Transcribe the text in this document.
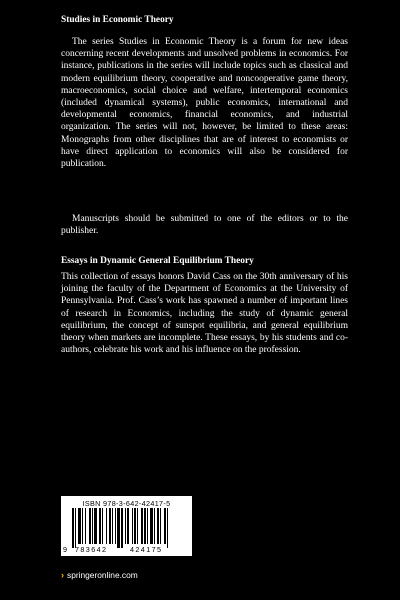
Studies in Economic Theory

The series Studies in Economic Theory is a forum for new ideas concerning recent developments and unsolved problems in economics. For instance, publications in the series will include topics such as classical and modern equilibrium theory, cooperative and noncooperative game theory, macroeconomics, social choice and welfare, intertemporal economics (included dynamical systems), public economics, international and developmental economics, financial economics, and industrial organization. The series will not, however, be limited to these areas: Monographs from other disciplines that are of interest to economists or have direct application to economics will also be considered for publication.

Manuscripts should be submitted to one of the editors or to the publisher.

Essays in Dynamic General Equilibrium Theory

This collection of essays honors David Cass on the 30th anniversary of his joining the faculty of the Department of Economics at the University of Pennsylvania. Prof. Cass’s work has spawned a number of important lines of research in Economics, including the study of dynamic general equilibrium, the concept of sunspot equilibria, and general equilibrium theory when markets are incomplete. These essays, by his students and co-authors, celebrate his work and his influence on the profession.

ISBN 978-3-642-42417-5
9 783642	424175
› springeronline.com
